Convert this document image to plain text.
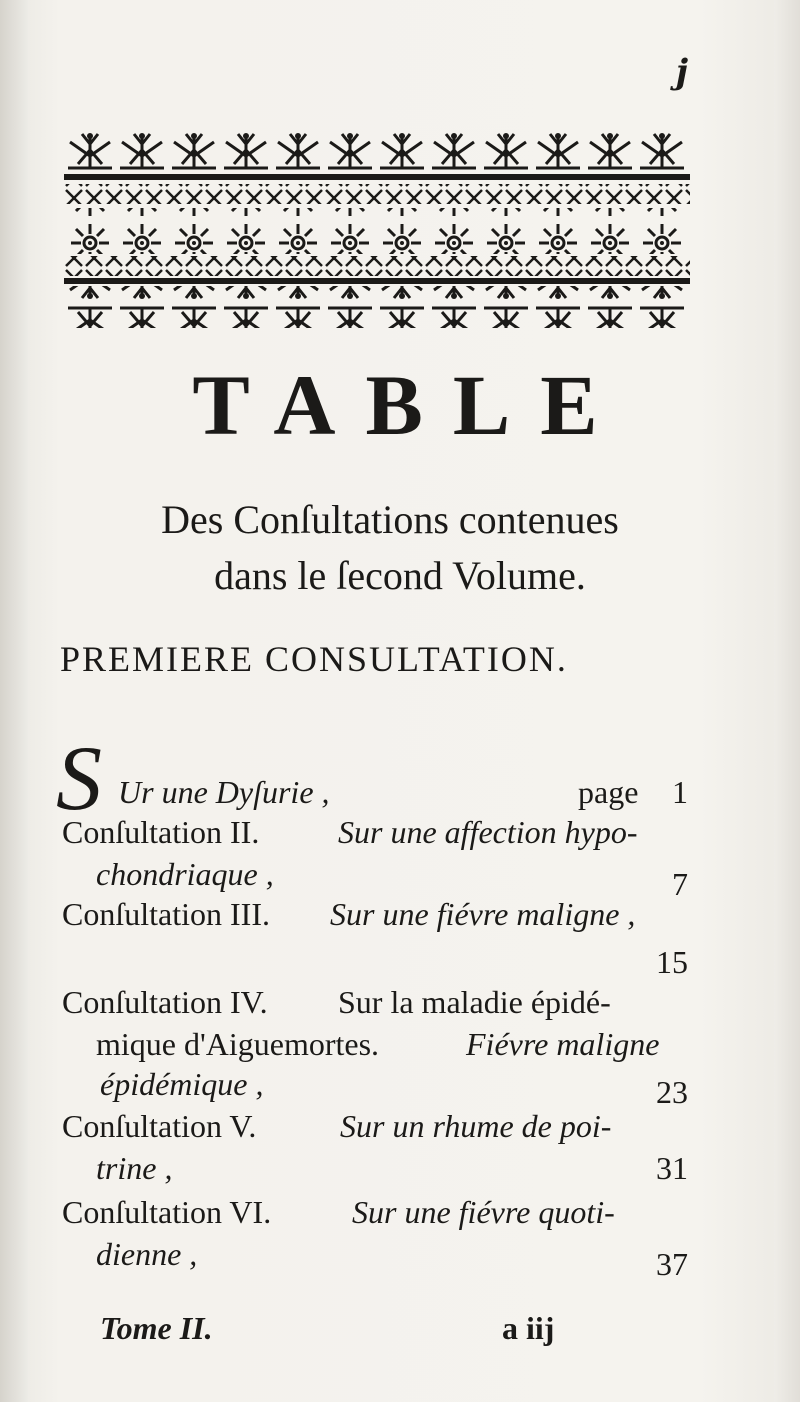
j
TABLE
Des Conſultations contenues
dans le ſecond Volume.
PREMIERE CONSULTATION.
S Ur une Dyſurie ,	page 1
Conſultation II. Sur une affection hypo-
chondriaque ,	7
Conſultation III. Sur une fiévre maligne ,
15
Conſultation IV. Sur la maladie épidé-
mique d'Aiguemortes.	Fiévre maligne
épidémique ,	23
Conſultation V.	Sur un rhume de poi-
trine ,	31
Conſultation VI.	Sur une fiévre quoti-
dienne ,	37
Tome II.	a iij
